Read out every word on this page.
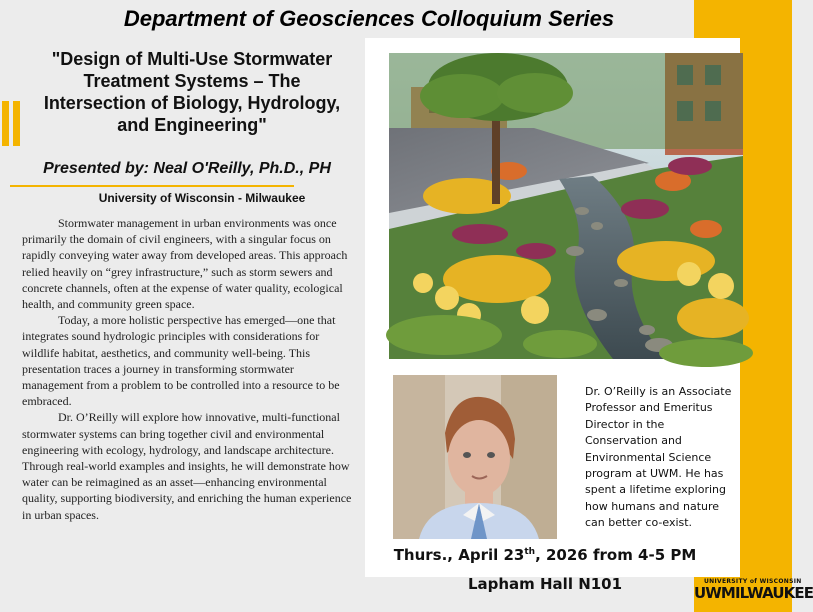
Department of Geosciences Colloquium Series
"Design of Multi-Use Stormwater
Treatment Systems – The
Intersection of Biology, Hydrology,
and Engineering"
Presented by: Neal O'Reilly, Ph.D., PH
University of Wisconsin - Milwaukee

Stormwater management in urban environments was once primarily the domain of civil engineers, with a singular focus on rapidly conveying water away from developed areas. This approach relied heavily on “grey infrastructure,” such as storm sewers and concrete channels, often at the expense of water quality, ecological health, and community green space.

Today, a more holistic perspective has emerged—one that integrates sound hydrologic principles with considerations for wildlife habitat, aesthetics, and community well-being. This presentation traces a journey in transforming stormwater management from a problem to be controlled into a resource to be embraced.

Dr. O’Reilly will explore how innovative, multi-functional stormwater systems can bring together civil and environmental engineering with ecology, hydrology, and landscape architecture. Through real-world examples and insights, he will demonstrate how water can be reimagined as an asset—enhancing environmental quality, supporting biodiversity, and enriching the human experience in urban spaces.

Dr. O’Reilly is an Associate Professor and Emeritus Director in the Conservation and Environmental Science program at UWM. He has spent a lifetime exploring how humans and nature can better co-exist.
Thurs., April 23th, 2026 from 4-5 PM
Lapham Hall N101	UNIVERSITY of WISCONSIN
UWMILWAUKEE
